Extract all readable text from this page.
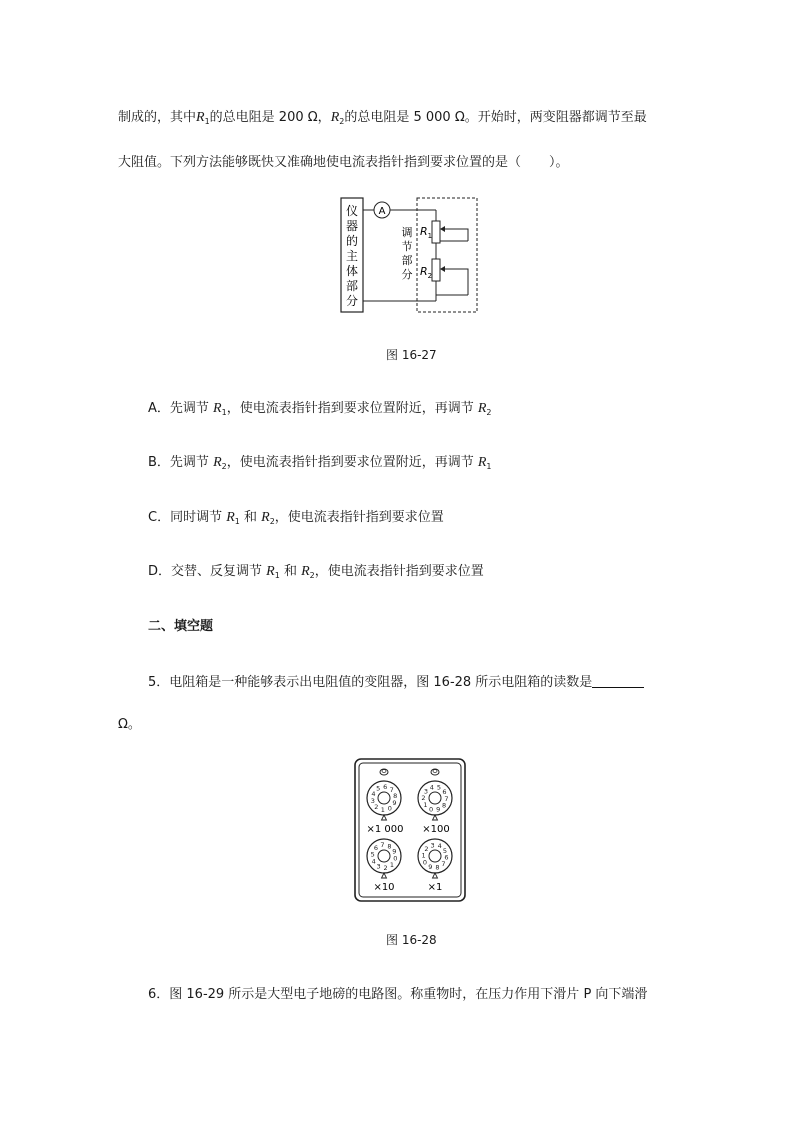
制成的，其中$R_1$的总电阻是 200 Ω，$R_2$的总电阻是 5 000 Ω。开始时，两变阻器都调节至最
大阻值。下列方法能够既快又准确地使电流表指针指到要求位置的是（ ）。
仪
器
的
主
体
部
分
A
调
节
部
分
$R_1$
$R_2$
图 16-27
A．先调节 $R_1$，使电流表指针指到要求位置附近，再调节 $R_2$
B．先调节 $R_2$，使电流表指针指到要求位置附近，再调节 $R_1$
C．同时调节 $R_1$ 和 $R_2$，使电流表指针指到要求位置
D．交替、反复调节 $R_1$ 和 $R_2$，使电流表指针指到要求位置
二、填空题
5．电阻箱是一种能够表示出电阻值的变阻器，图 16-28 所示电阻箱的读数是
Ω。
0
1
2
3
4
5 6 7
8
9
0
1
2
3 4 5
6
7
8
9
0
1
2
3
4
5
6 7 8
9
0
1
2 3 4
5
6
7
8
9
×1 000 ×100
×10	×1
图 16-28
6．图 16-29 所示是大型电子地磅的电路图。称重物时，在压力作用下滑片 P 向下端滑
